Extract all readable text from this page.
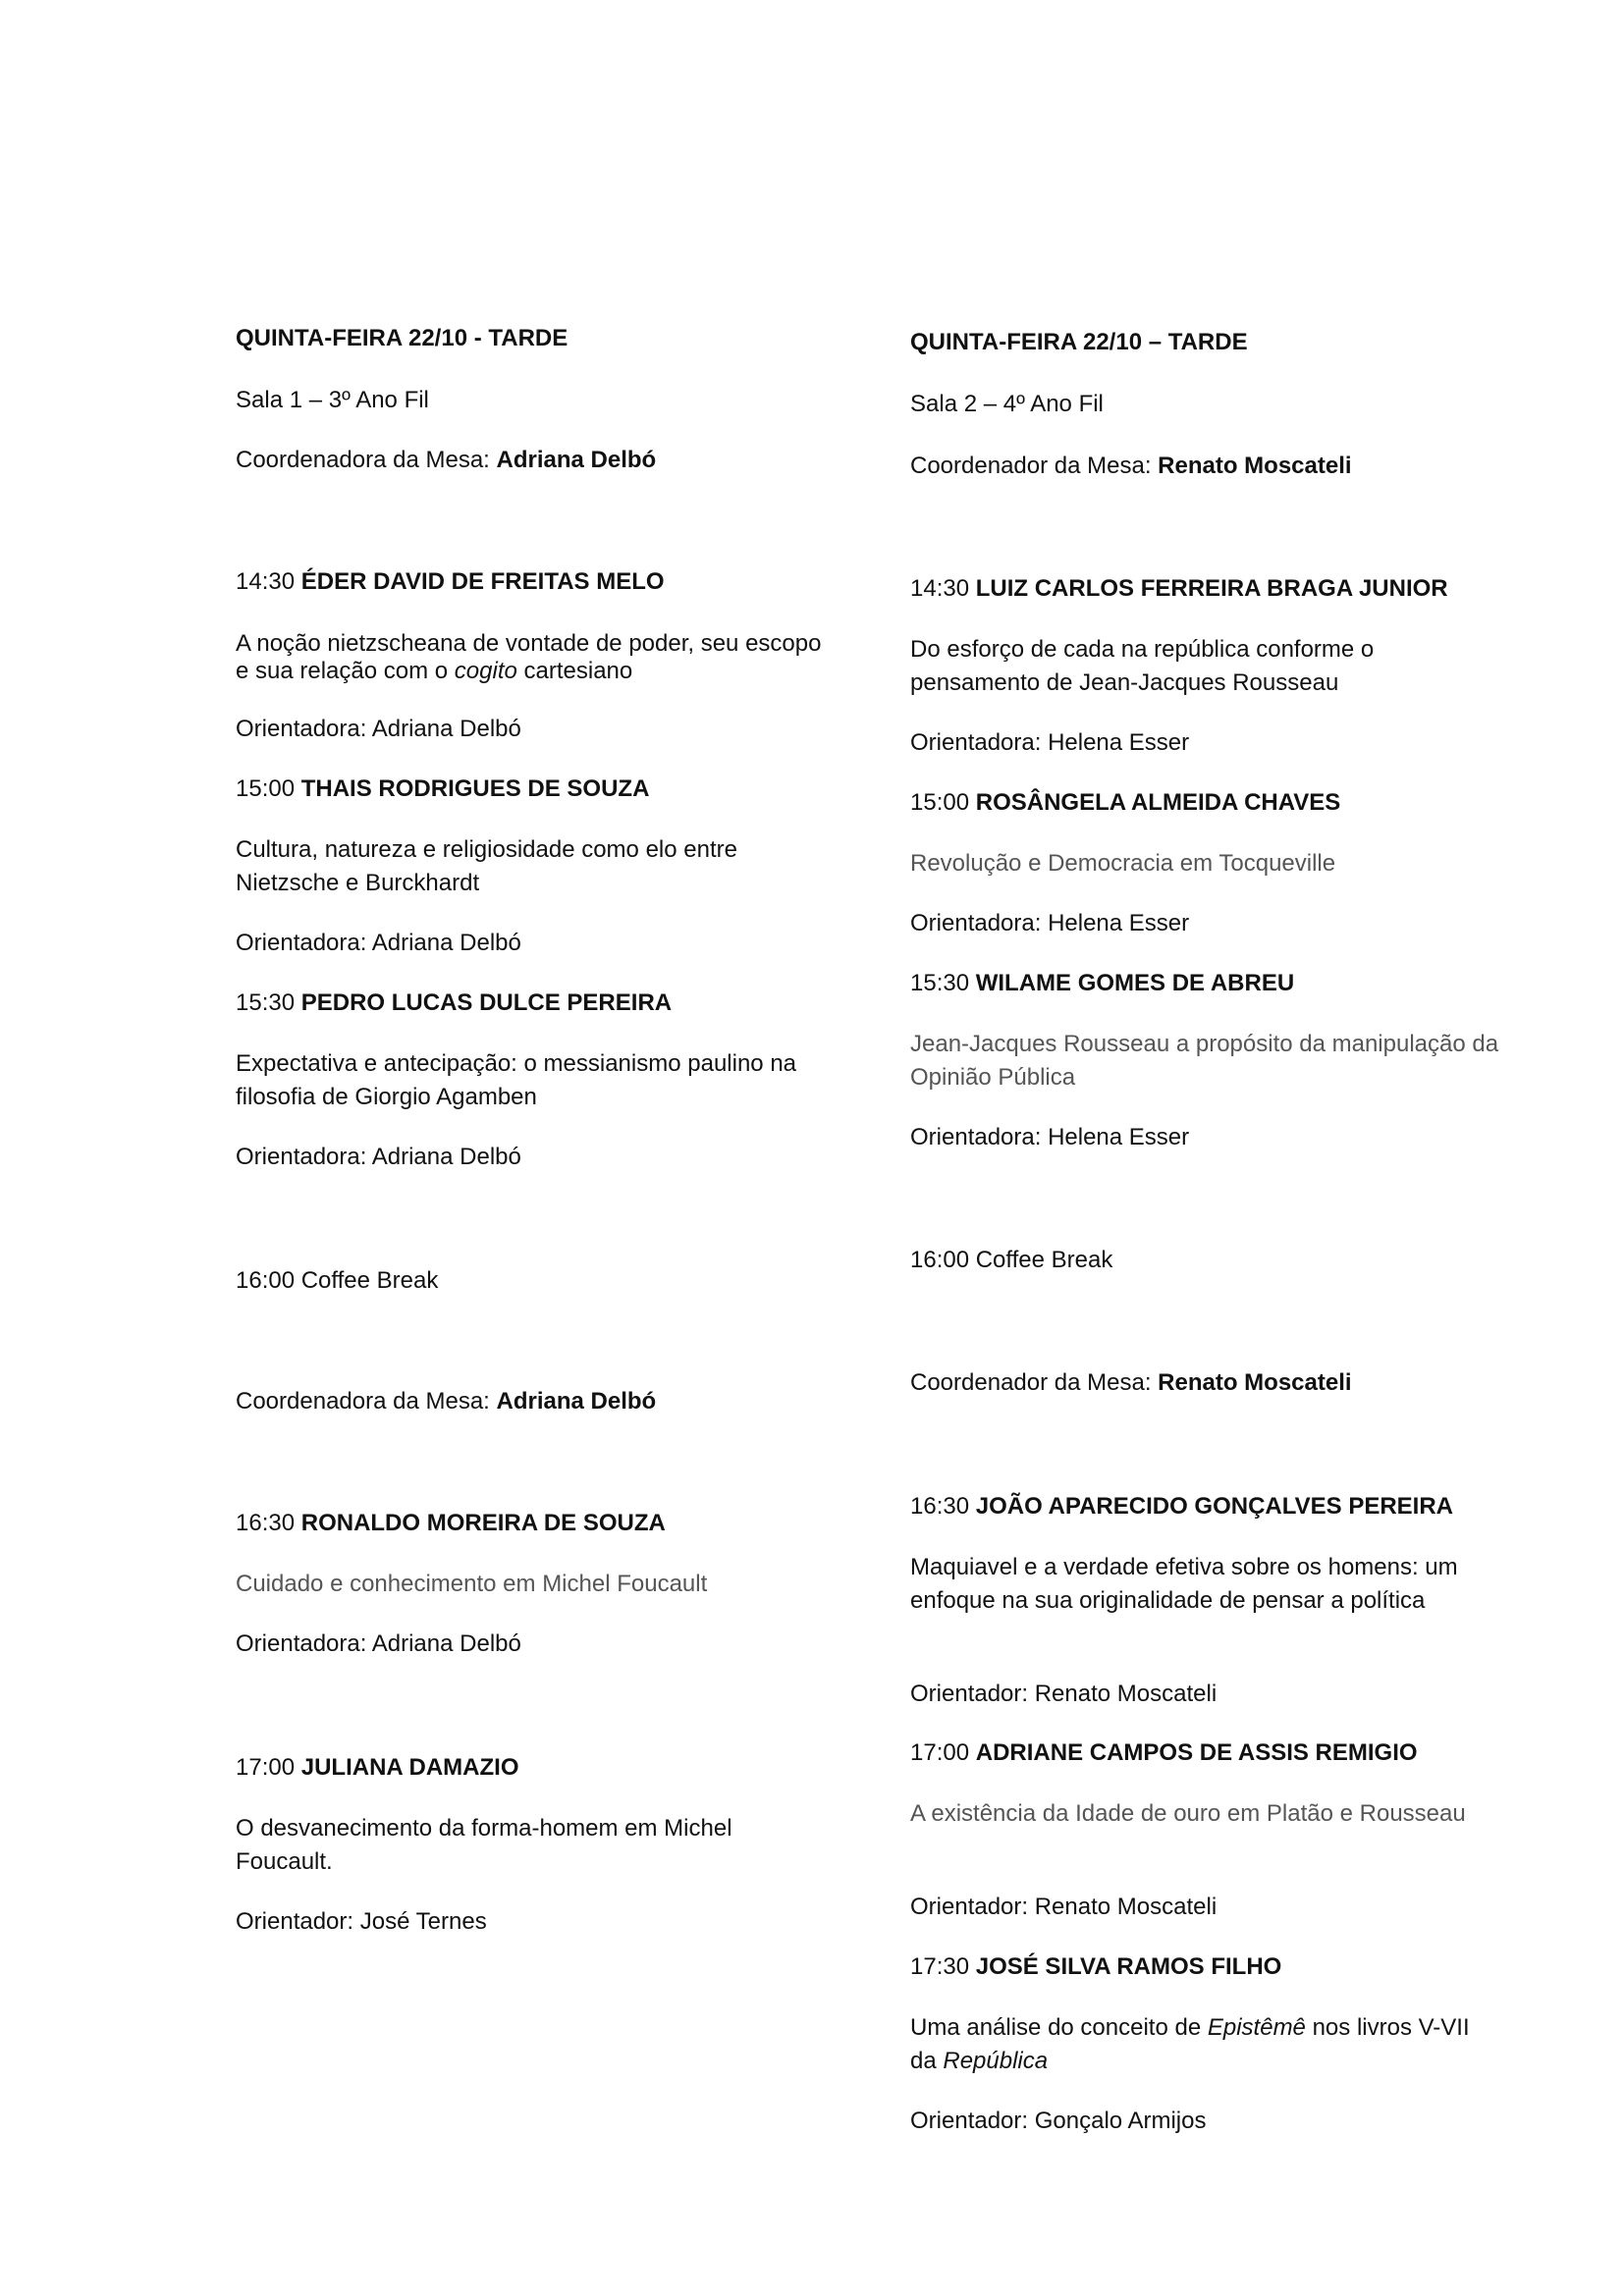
QUINTA-FEIRA 22/10 - TARDE

Sala 1 – 3º Ano Fil

Coordenadora da Mesa: Adriana Delbó

14:30 ÉDER DAVID DE FREITAS MELO

A noção nietzscheana de vontade de poder, seu escopo e sua relação com o cogito cartesiano

Orientadora: Adriana Delbó

15:00 THAIS RODRIGUES DE SOUZA

Cultura, natureza e religiosidade como elo entre Nietzsche e Burckhardt

Orientadora: Adriana Delbó

15:30 PEDRO LUCAS DULCE PEREIRA

Expectativa e antecipação: o messianismo paulino na filosofia de Giorgio Agamben

Orientadora: Adriana Delbó

16:00 Coffee Break

Coordenadora da Mesa: Adriana Delbó

16:30 RONALDO MOREIRA DE SOUZA

Cuidado e conhecimento em Michel Foucault

Orientadora: Adriana Delbó

17:00 JULIANA DAMAZIO

O desvanecimento da forma-homem em Michel Foucault.

Orientador: José Ternes

QUINTA-FEIRA 22/10 – TARDE

Sala 2 – 4º Ano Fil

Coordenador da Mesa: Renato Moscateli

14:30 LUIZ CARLOS FERREIRA BRAGA JUNIOR

Do esforço de cada na república conforme o pensamento de Jean-Jacques Rousseau

Orientadora: Helena Esser

15:00 ROSÂNGELA ALMEIDA CHAVES

Revolução e Democracia em Tocqueville

Orientadora: Helena Esser

15:30 WILAME GOMES DE ABREU

Jean-Jacques Rousseau a propósito da manipulação da Opinião Pública

Orientadora: Helena Esser

16:00 Coffee Break

Coordenador da Mesa: Renato Moscateli

16:30 JOÃO APARECIDO GONÇALVES PEREIRA

Maquiavel e a verdade efetiva sobre os homens: um enfoque na sua originalidade de pensar a política

Orientador: Renato Moscateli

17:00 ADRIANE CAMPOS DE ASSIS REMIGIO

A existência da Idade de ouro em Platão e Rousseau

Orientador: Renato Moscateli

17:30 JOSÉ SILVA RAMOS FILHO

Uma análise do conceito de Epistêmê nos livros V-VII da República

Orientador: Gonçalo Armijos
